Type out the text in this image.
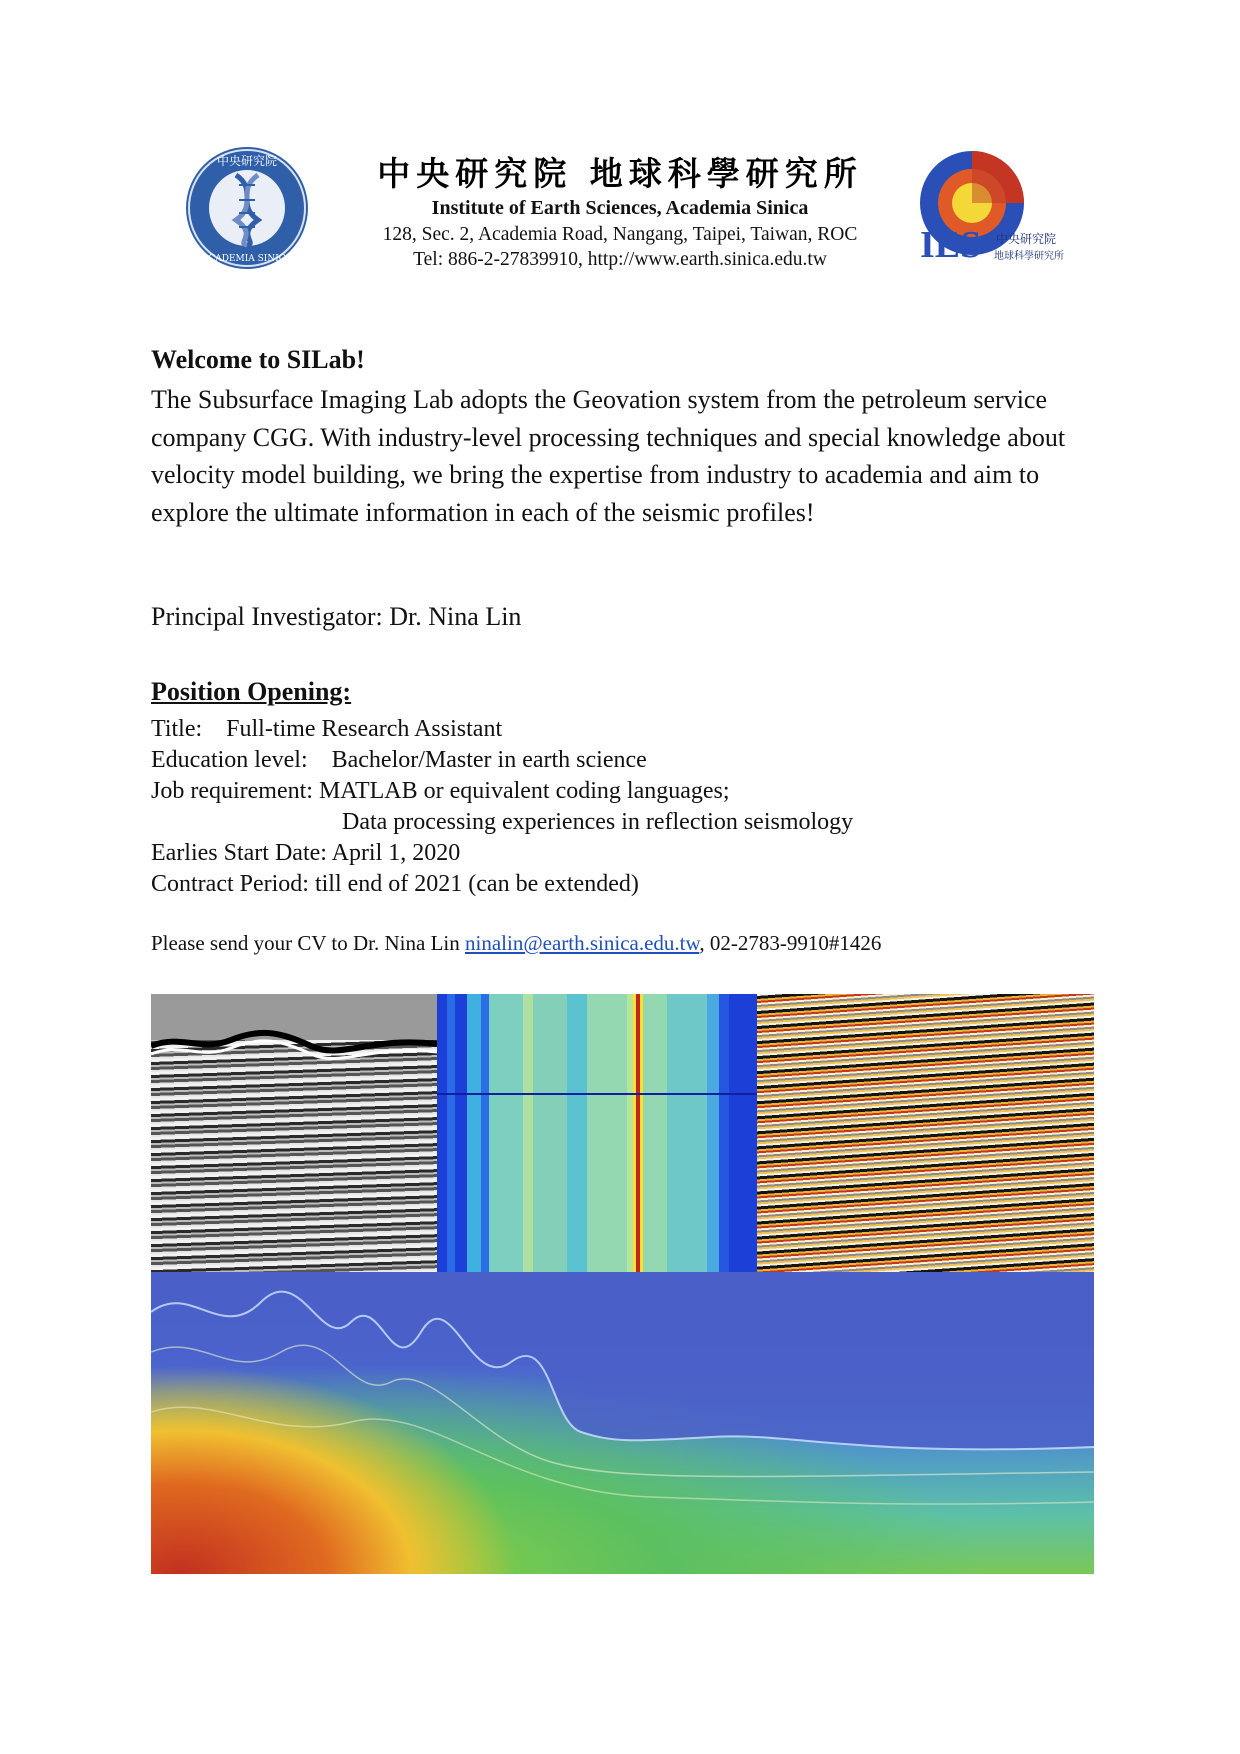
中央研究院
ACADEMIA SINICA
中央研究院 地球科學研究所
Institute of Earth Sciences, Academia Sinica
128, Sec. 2, Academia Road, Nangang, Taipei, Taiwan, ROC
Tel: 886-2-27839910, http://www.earth.sinica.edu.tw	IES 中央研究院
地球科學研究所
Welcome to SILab!

The Subsurface Imaging Lab adopts the Geovation system from the petroleum service company CGG. With industry-level processing techniques and special knowledge about velocity model building, we bring the expertise from industry to academia and aim to explore the ultimate information in each of the seismic profiles!

Principal Investigator: Dr. Nina Lin
Position Opening:
Title:    Full-time Research Assistant
Education level:    Bachelor/Master in earth science
Job requirement: MATLAB or equivalent coding languages;
Data processing experiences in reflection seismology
Earlies Start Date: April 1, 2020
Contract Period: till end of 2021 (can be extended)
Please send your CV to Dr. Nina Lin ninalin@earth.sinica.edu.tw, 02-2783-9910#1426
